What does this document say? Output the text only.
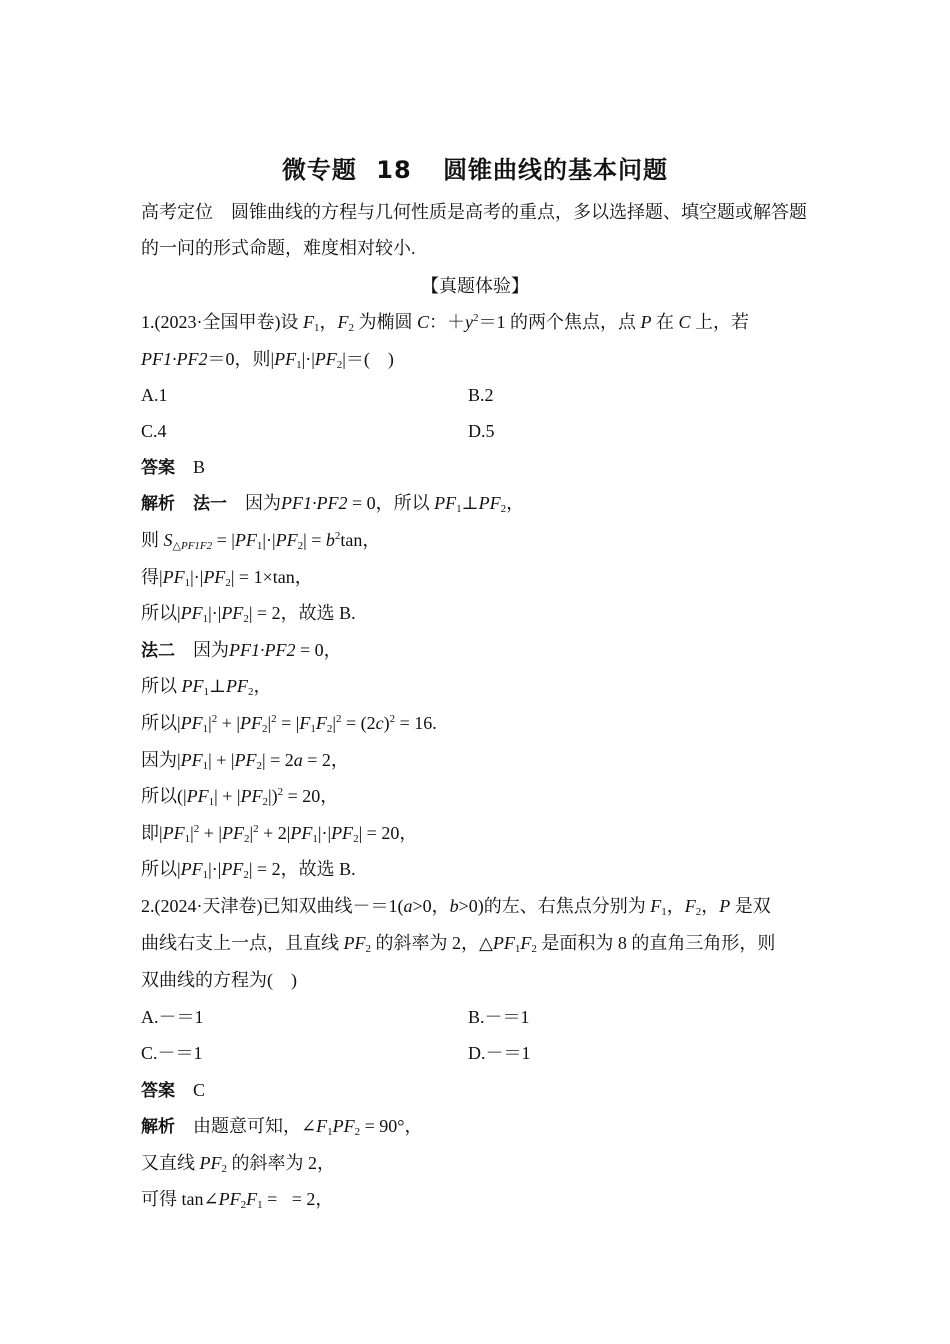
微专题 18 圆锥曲线的基本问题
高考定位 圆锥曲线的方程与几何性质是高考的重点，多以选择题、填空题或解答题的一问的形式命题，难度相对较小.
【真题体验】
1.(2023·全国甲卷)设 $F_1$，$F_2$ 为椭圆 C：$+y^2=1$ 的两个焦点，点 P 在 C 上，若
PF1·PF2＝0，则$|PF_1|\cdot|PF_2|=$( )
A.1	B.2
C.4	D.5
答案 B
解析 法一 因为PF1·PF2 = 0，所以 $PF_1\perp PF_2$，
则 $S_{\triangle PF1F2} = |PF_1|\cdot|PF_2| = b^2\tan$，
得$|PF_1|\cdot|PF_2| = 1\times\tan$，
所以$|PF_1|\cdot|PF_2| = 2$，故选 B.
法二 因为PF1·PF2 = 0，
所以 $PF_1\perp PF_2$，
所以$|PF_1|^2 + |PF_2|^2 = |F_1F_2|^2 = (2c)^2 = 16$.
因为$|PF_1| + |PF_2| = 2a = 2$，
所以$(|PF_1| + |PF_2|)^2 = 20$，
即$|PF_1|^2 + |PF_2|^2 + 2|PF_1|\cdot|PF_2| = 20$，
所以$|PF_1|\cdot|PF_2| = 2$，故选 B.
2.(2024·天津卷)已知双曲线－＝1(a>0，b>0)的左、右焦点分别为 $F_1$，$F_2$，P 是双
曲线右支上一点，且直线 $PF_2$ 的斜率为 2，$\triangle PF_1F_2$ 是面积为 8 的直角三角形，则
双曲线的方程为( )
A.－＝1	B.－＝1
C.－＝1	D.－＝1
答案 C
解析 由题意可知，$\angle F_1PF_2 = 90^\circ$，
又直线 $PF_2$ 的斜率为 2，
可得 $\tan\angle PF_2F_1$ = = 2，
